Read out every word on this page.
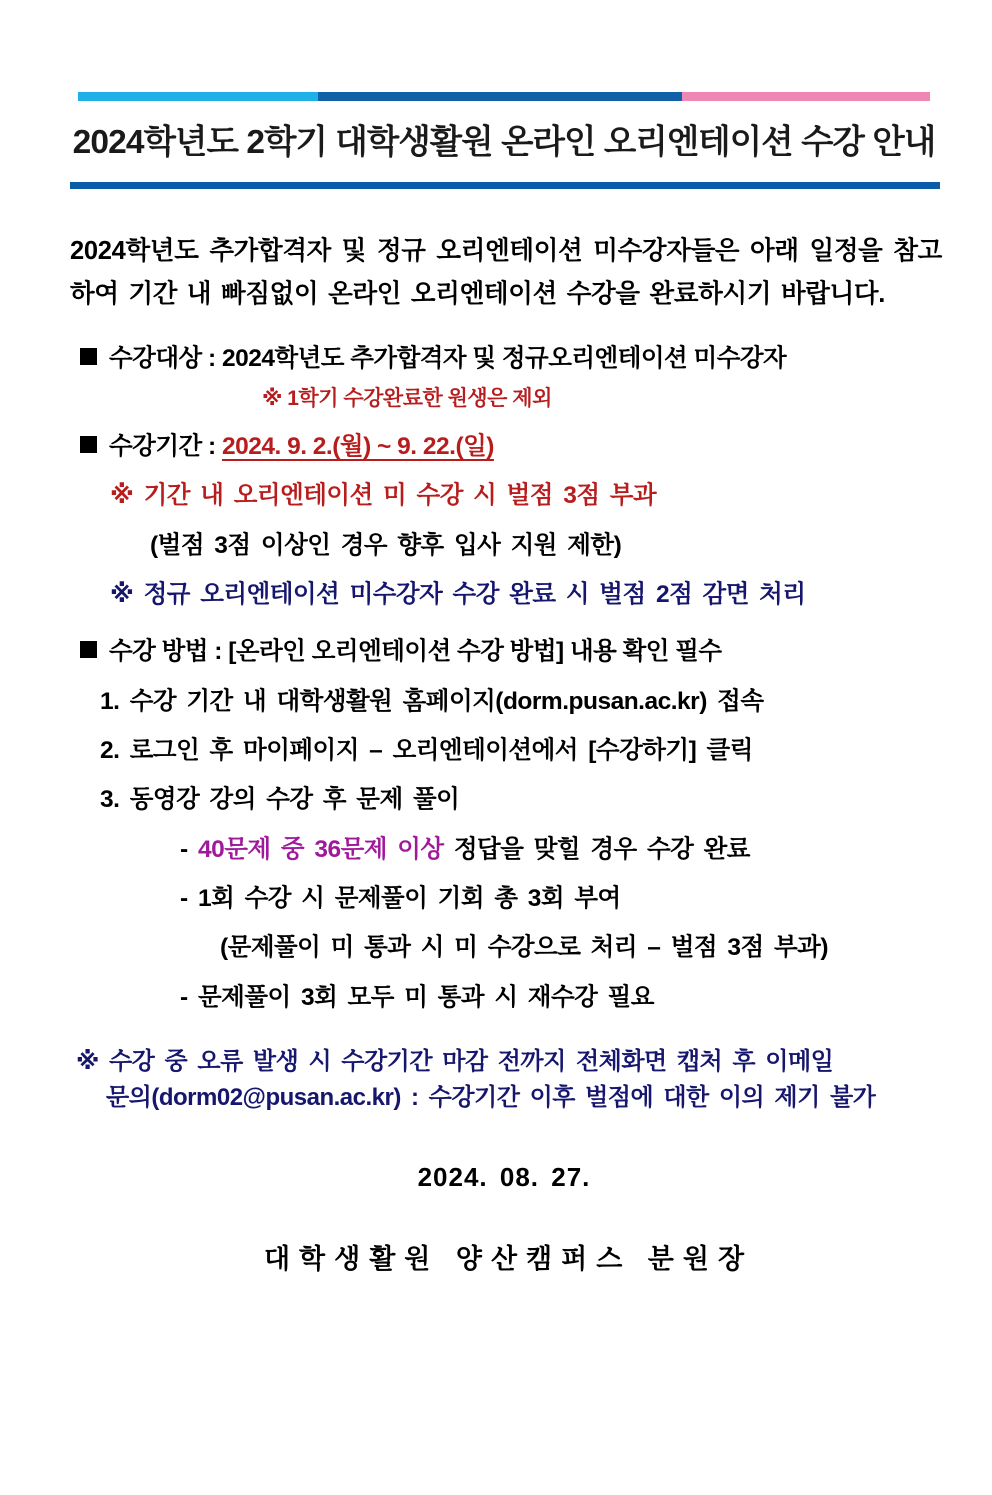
2024학년도 2학기 대학생활원 온라인 오리엔테이션 수강 안내
2024학년도 추가합격자 및 정규 오리엔테이션 미수강자들은 아래 일정을 참고하여 기간 내 빠짐없이 온라인 오리엔테이션 수강을 완료하시기 바랍니다.
수강대상 : 2024학년도 추가합격자 및 정규오리엔테이션 미수강자
※ 1학기 수강완료한 원생은 제외
수강기간 : 2024. 9. 2.(월) ~ 9. 22.(일)
※ 기간 내 오리엔테이션 미 수강 시 벌점 3점 부과
(벌점 3점 이상인 경우 향후 입사 지원 제한)
※ 정규 오리엔테이션 미수강자 수강 완료 시 벌점 2점 감면 처리
수강 방법 : [온라인 오리엔테이션 수강 방법] 내용 확인 필수
1. 수강 기간 내 대학생활원 홈페이지(dorm.pusan.ac.kr) 접속
2. 로그인 후 마이페이지 – 오리엔테이션에서 [수강하기] 클릭
3. 동영강 강의 수강 후 문제 풀이
- 40문제 중 36문제 이상 정답을 맞힐 경우 수강 완료
- 1회 수강 시 문제풀이 기회 총 3회 부여
(문제풀이 미 통과 시 미 수강으로 처리 – 벌점 3점 부과)
- 문제풀이 3회 모두 미 통과 시 재수강 필요
※ 수강 중 오류 발생 시 수강기간 마감 전까지 전체화면 캡처 후 이메일
문의(dorm02@pusan.ac.kr) : 수강기간 이후 벌점에 대한 이의 제기 불가
2024. 08. 27.
대학생활원 양산캠퍼스 분원장
